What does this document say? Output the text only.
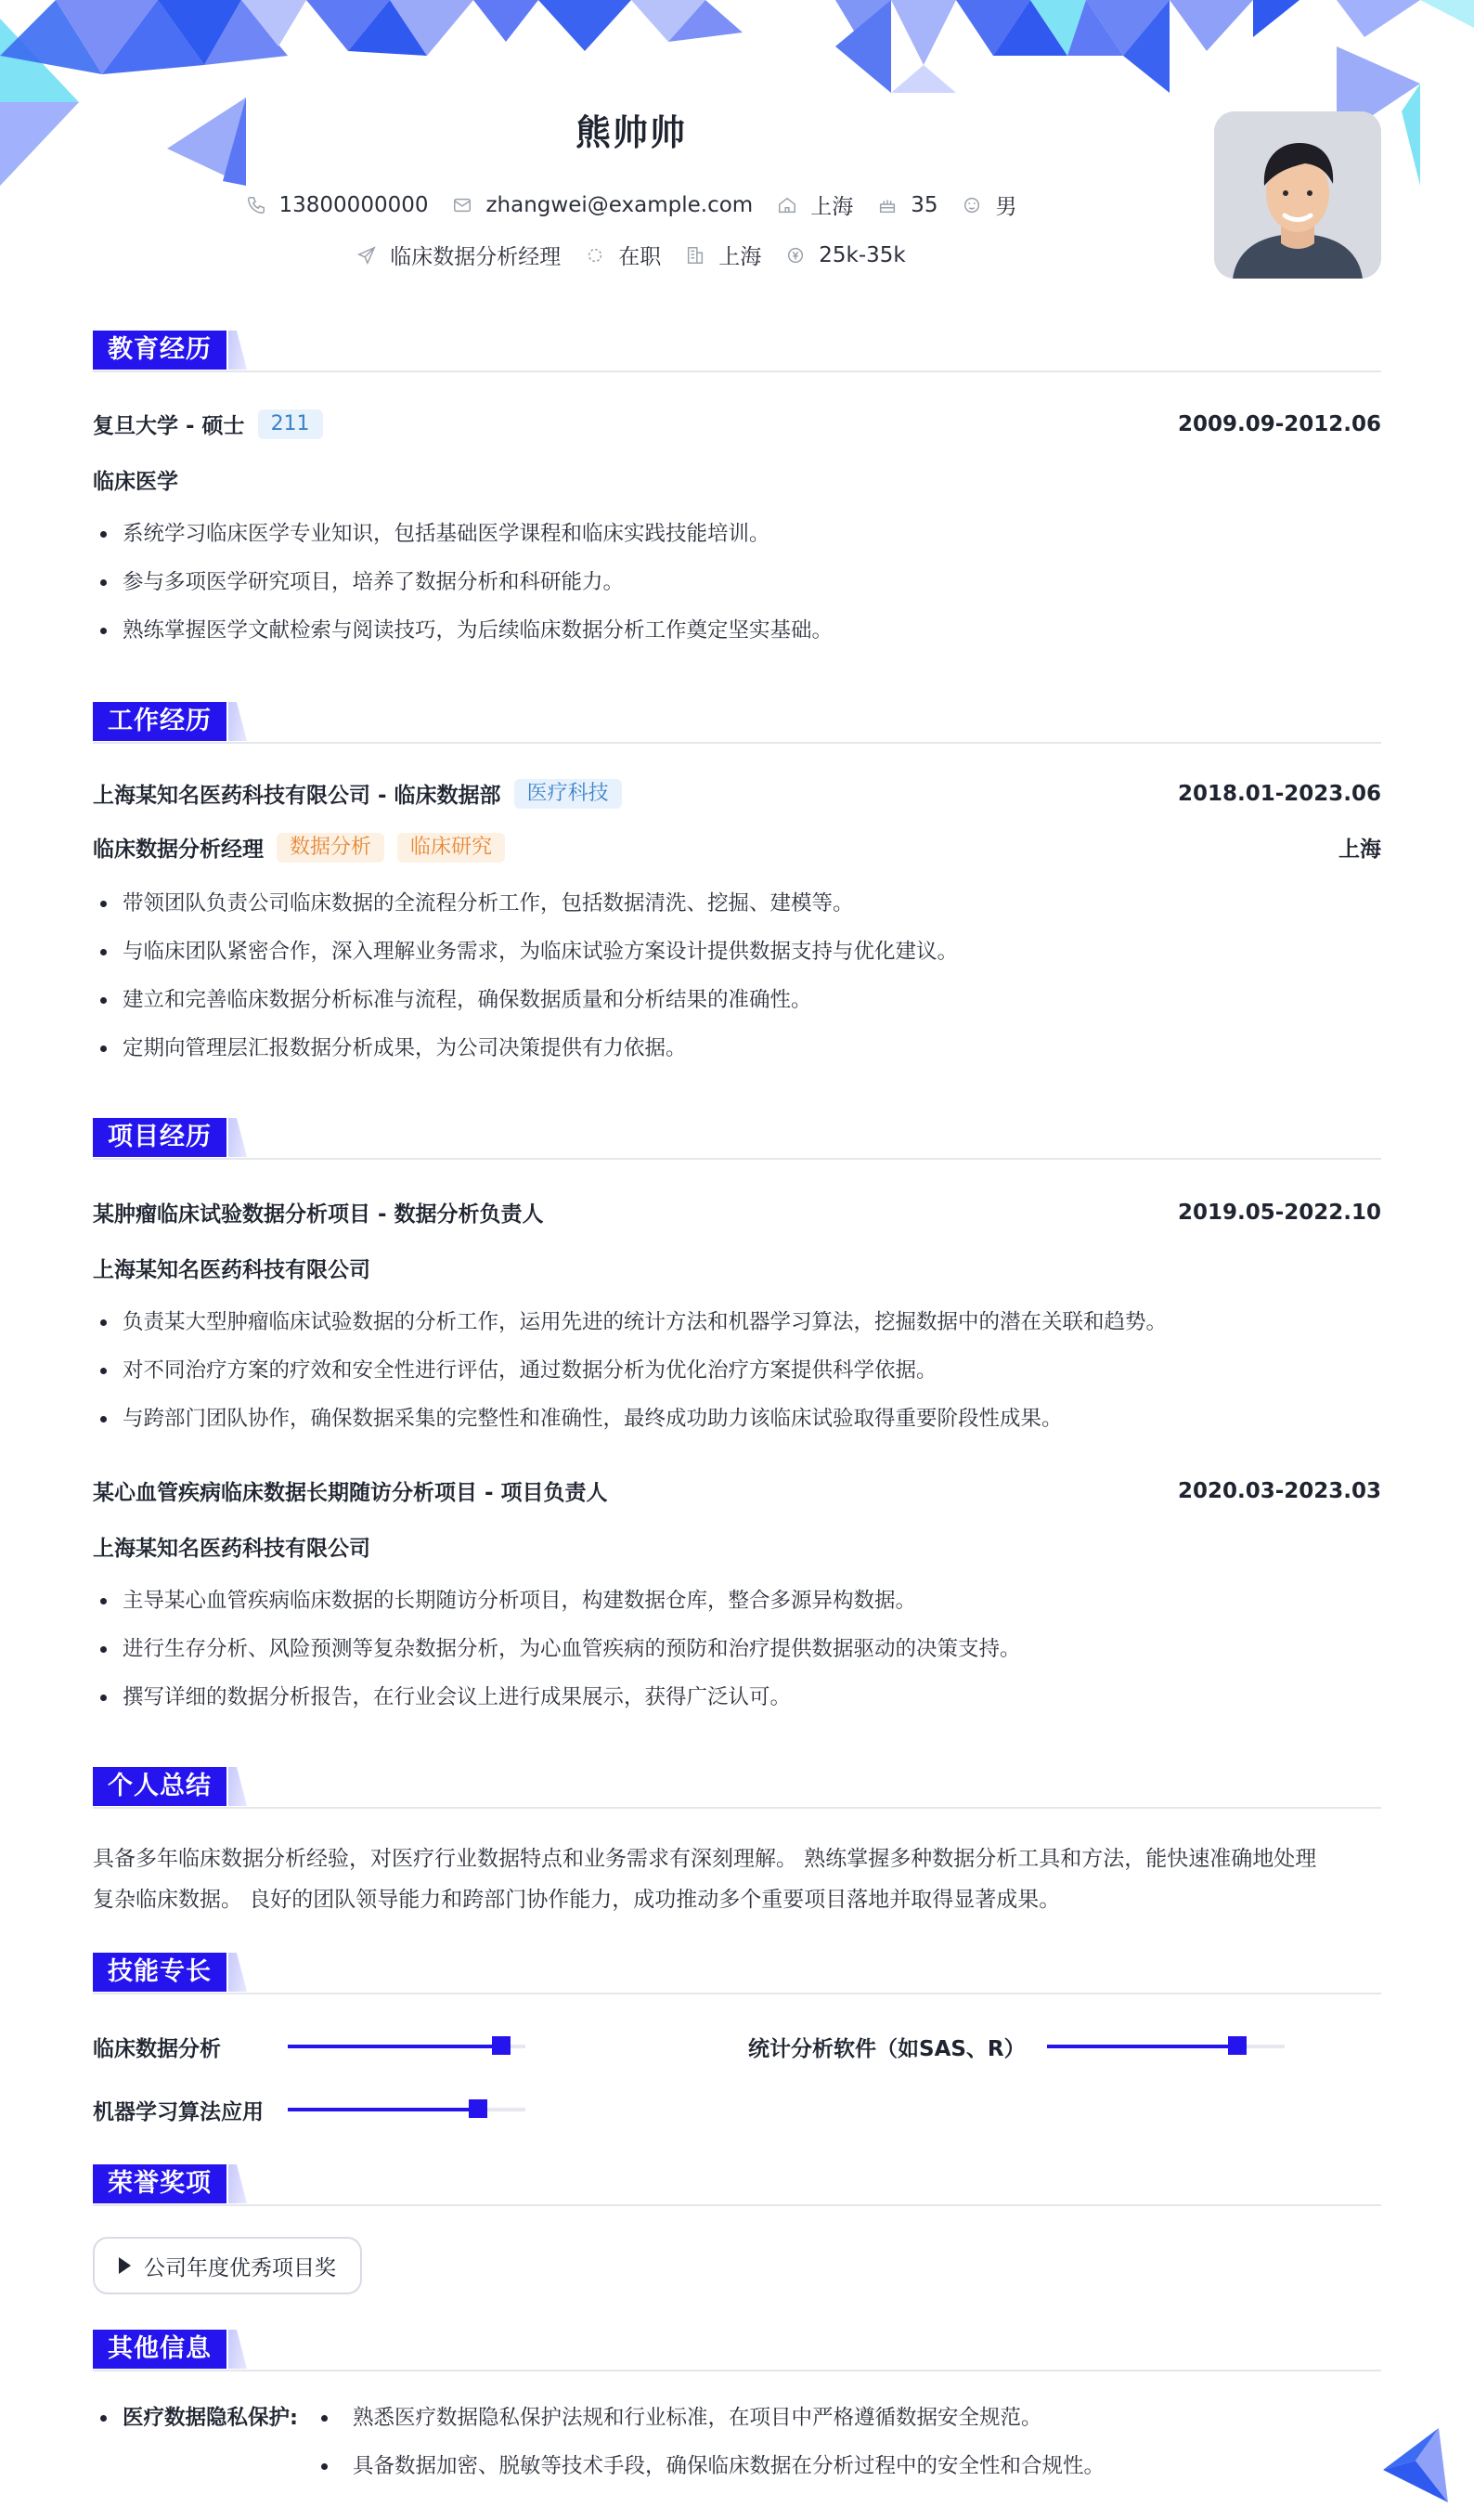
熊帅帅
13800000000	zhangwei@example.com	上海	35	男
临床数据分析经理	在职	上海	25k-35k
教育经历
复旦大学 - 硕士	211	2009.09-2012.06
临床医学
系统学习临床医学专业知识，包括基础医学课程和临床实践技能培训。
参与多项医学研究项目，培养了数据分析和科研能力。
熟练掌握医学文献检索与阅读技巧，为后续临床数据分析工作奠定坚实基础。
工作经历
上海某知名医药科技有限公司 - 临床数据部	医疗科技	2018.01-2023.06
临床数据分析经理	数据分析	临床研究	上海
带领团队负责公司临床数据的全流程分析工作，包括数据清洗、挖掘、建模等。
与临床团队紧密合作，深入理解业务需求，为临床试验方案设计提供数据支持与优化建议。
建立和完善临床数据分析标准与流程，确保数据质量和分析结果的准确性。
定期向管理层汇报数据分析成果，为公司决策提供有力依据。
项目经历
某肿瘤临床试验数据分析项目 - 数据分析负责人	2019.05-2022.10
上海某知名医药科技有限公司
负责某大型肿瘤临床试验数据的分析工作，运用先进的统计方法和机器学习算法，挖掘数据中的潜在关联和趋势。
对不同治疗方案的疗效和安全性进行评估，通过数据分析为优化治疗方案提供科学依据。
与跨部门团队协作，确保数据采集的完整性和准确性，最终成功助力该临床试验取得重要阶段性成果。
某心血管疾病临床数据长期随访分析项目 - 项目负责人	2020.03-2023.03
上海某知名医药科技有限公司
主导某心血管疾病临床数据的长期随访分析项目，构建数据仓库，整合多源异构数据。
进行生存分析、风险预测等复杂数据分析，为心血管疾病的预防和治疗提供数据驱动的决策支持。
撰写详细的数据分析报告，在行业会议上进行成果展示，获得广泛认可。
个人总结
具备多年临床数据分析经验，对医疗行业数据特点和业务需求有深刻理解。 熟练掌握多种数据分析工具和方法，能快速准确地处理
复杂临床数据。 良好的团队领导能力和跨部门协作能力，成功推动多个重要项目落地并取得显著成果。
技能专长
临床数据分析	统计分析软件（如SAS、R）
机器学习算法应用
荣誉奖项
公司年度优秀项目奖
其他信息
医疗数据隐私保护:	熟悉医疗数据隐私保护法规和行业标准，在项目中严格遵循数据安全规范。
具备数据加密、脱敏等技术手段，确保临床数据在分析过程中的安全性和合规性。
